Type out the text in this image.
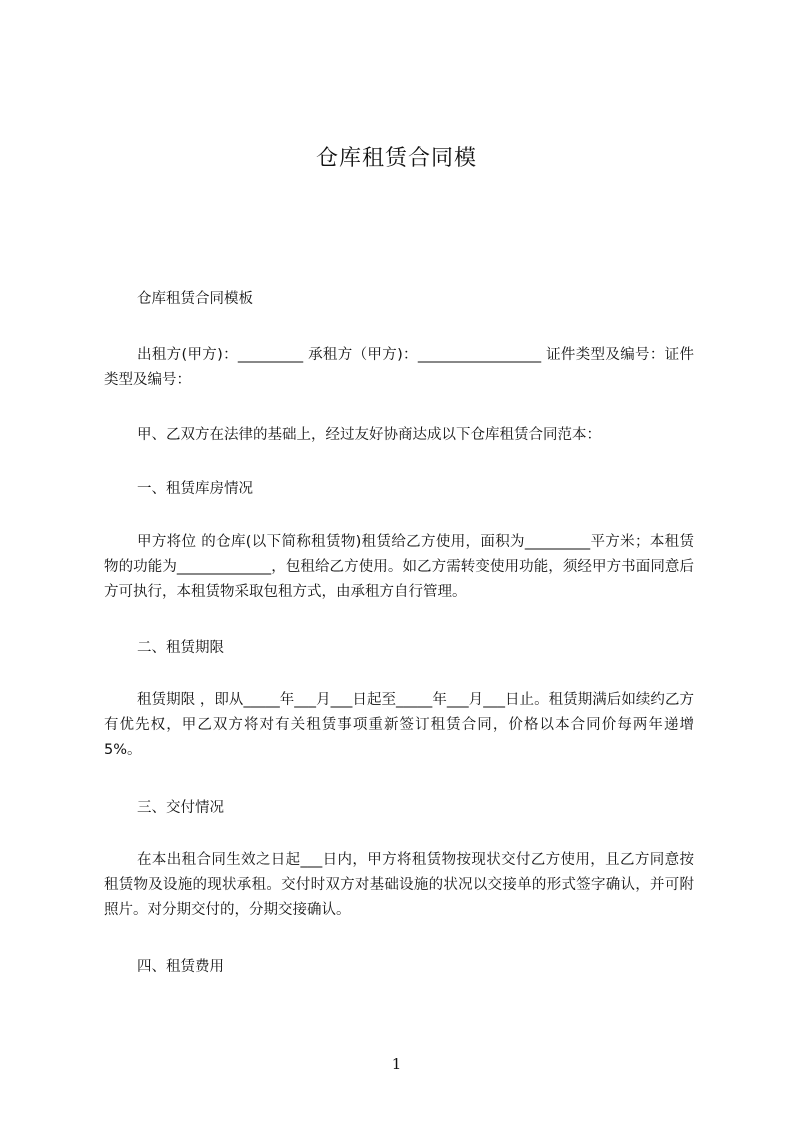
仓库租赁合同模

仓库租赁合同模板

出租方(甲方)：_________ 承租方（甲方)：_________________ 证件类型及编号：证件类型及编号：

甲、乙双方在法律的基础上，经过友好协商达成以下仓库租赁合同范本：

一、租赁库房情况

甲方将位 的仓库(以下简称租赁物)租赁给乙方使用，面积为_________平方米；本租赁物的功能为_____________，包租给乙方使用。如乙方需转变使用功能，须经甲方书面同意后方可执行，本租赁物采取包租方式，由承租方自行管理。

二、租赁期限

租赁期限 ，即从_____年___月___日起至_____年___月___日止。租赁期满后如续约乙方有优先权，甲乙双方将对有关租赁事项重新签订租赁合同，价格以本合同价每两年递增 5%。

三、交付情况

在本出租合同生效之日起___日内，甲方将租赁物按现状交付乙方使用，且乙方同意按租赁物及设施的现状承租。交付时双方对基础设施的状况以交接单的形式签字确认，并可附照片。对分期交付的，分期交接确认。

四、租赁费用

1
